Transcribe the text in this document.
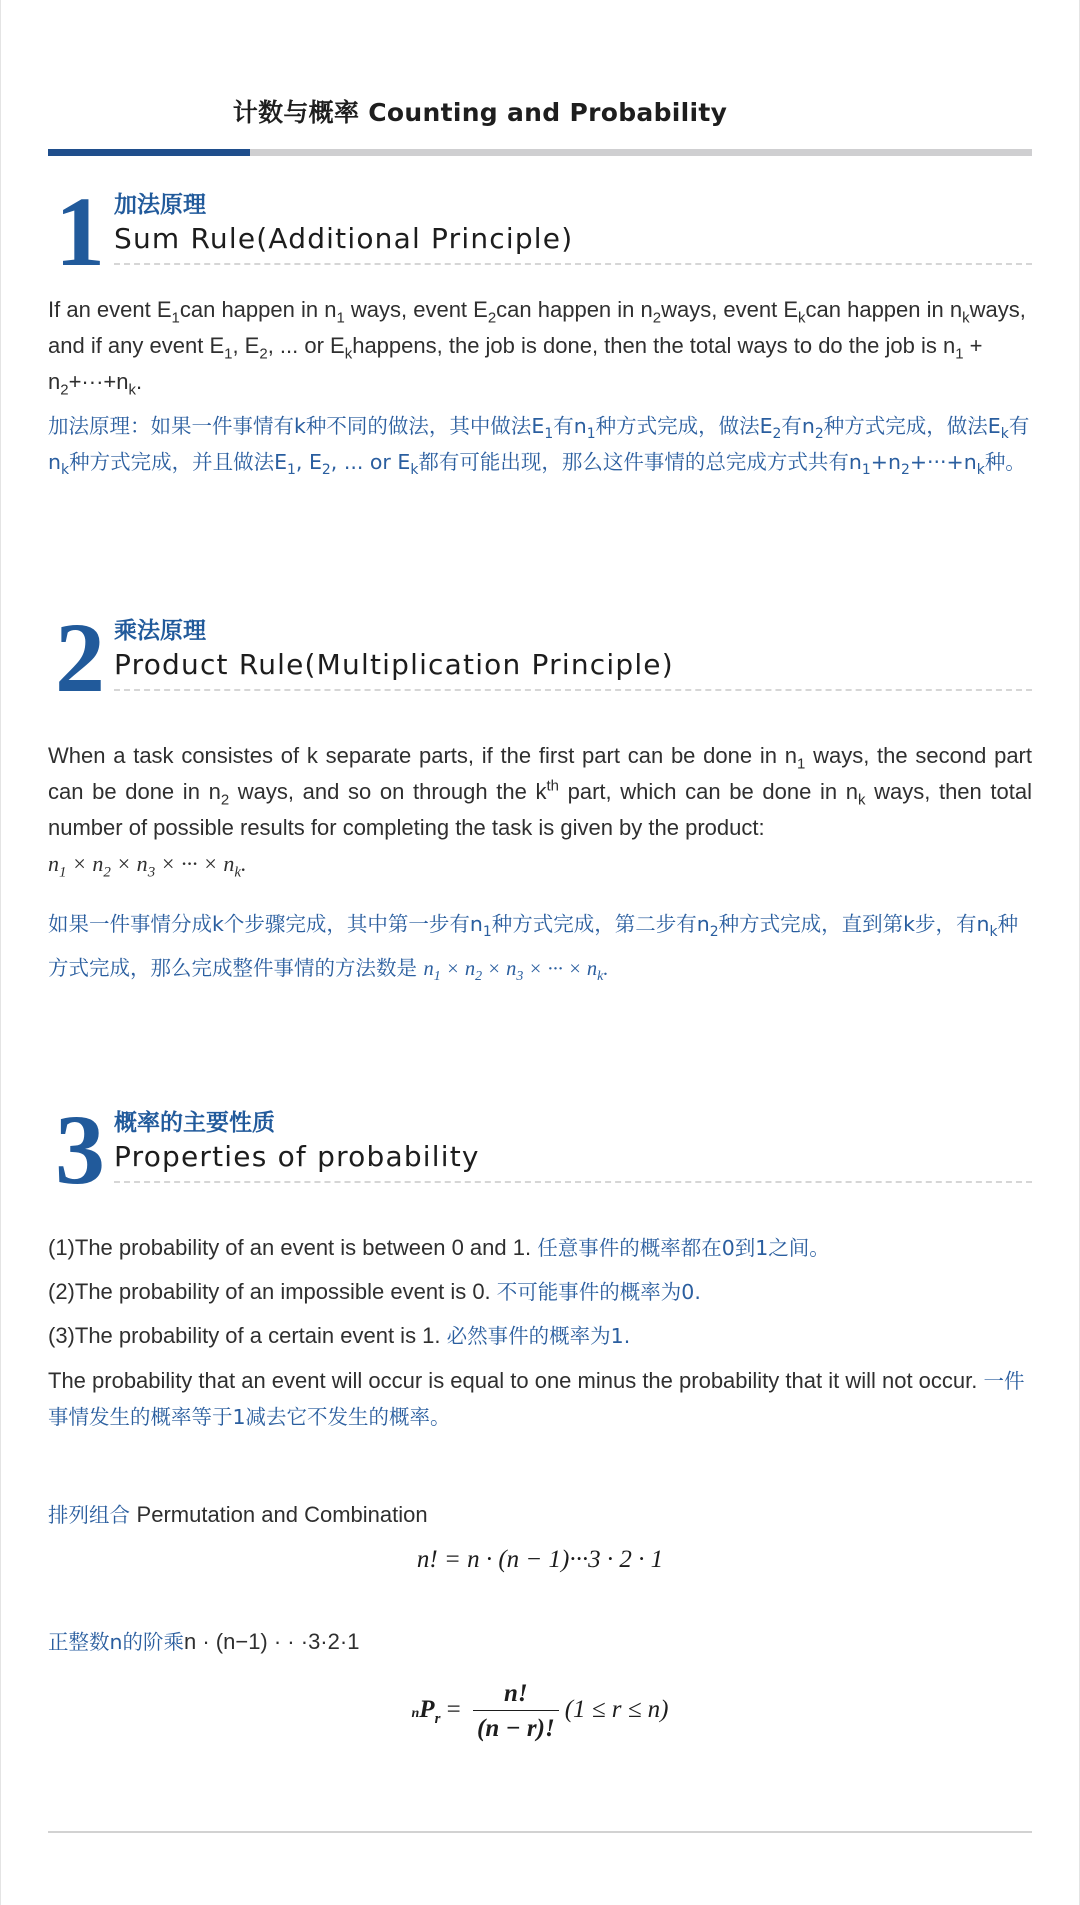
计数与概率 Counting and Probability
1 加法原理
Sum Rule(Additional Principle)

If an event $E_1can$ happen in $n_1$ ways, event $E_2can$ happen in $n_2ways$, event $E_kcan$ happen in $n_kways$, and if any event $E_1$, $E_2$, ... or $E_khappens$, the job is done, then the total ways to do the job is $n_1 + n_2+\cdot\cdot\cdot+n_k$.

加法原理：如果一件事情有k种不同的做法，其中做法$E_1$有$n_1$种方式完成，做法$E_2$有$n_2$种方式完成，做法$E_k$有$n_k$种方式完成，并且做法$E_1$, $E_2$, ... or $E_k$都有可能出现，那么这件事情的总完成方式共有$n_1+n_2+\cdot\cdot\cdot+n_k$种。

2 乘法原理
Product Rule(Multiplication Principle)

When a task consistes of k separate parts, if the first part can be done in $n_1$ ways, the second part can be done in $n_2$ ways, and so on through the $k^{th}$ part, which can be done in $n_k$ ways, then total number of possible results for completing the task is given by the product:
$n_1 \times n_2 \times n_3$ × ··· × $n_k$.

如果一件事情分成k个步骤完成，其中第一步有$n_1$种方式完成，第二步有$n_2$种方式完成，直到第k步，有$n_k$种方式完成，那么完成整件事情的方法数是 $n_1 \times n_2 \times n_3$ × ··· × $n_k$.

3 概率的主要性质
Properties of probability
(1)The probability of an event is between 0 and 1. 任意事件的概率都在0到1之间。
(2)The probability of an impossible event is 0. 不可能事件的概率为0.
(3)The probability of a certain event is 1. 必然事件的概率为1.

The probability that an event will occur is equal to one minus the probability that it will not occur. 一件事情发生的概率等于1减去它不发生的概率。

排列组合 Permutation and Combination
n! = n · (n − 1)···3 · 2 · 1
正整数n的阶乘n · (n−1) · · ·3·2·1
$nP_r = \frac{n!}{(n - r)!} (1 \le r \le n)$
